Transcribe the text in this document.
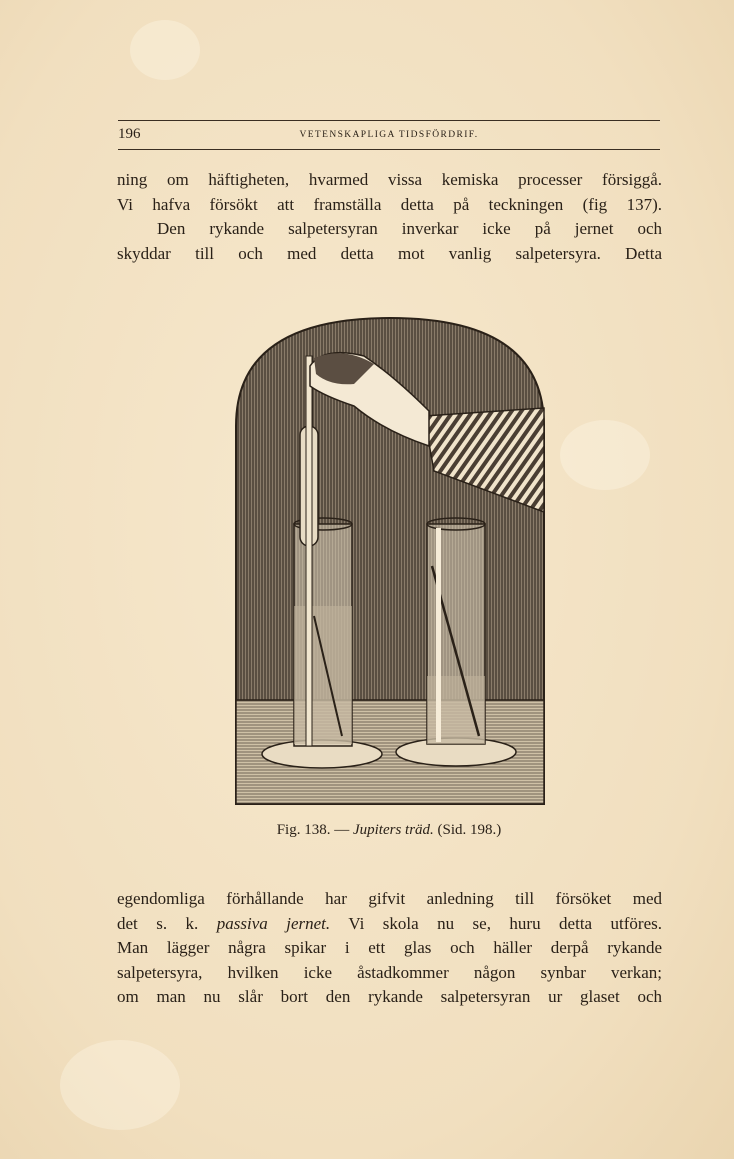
196	VETENSKAPLIGA TIDSFÖRDRIF.
ning om häftigheten, hvarmed vissa kemiska processer försiggå.
Vi hafva försökt att framställa detta på teckningen (fig 137).
Den rykande salpetersyran inverkar icke på jernet och
skyddar till och med detta mot vanlig salpetersyra. Detta
Fig. 138. — Jupiters träd. (Sid. 198.)
egendomliga förhållande har gifvit anledning till försöket med
det s. k. passiva jernet. Vi skola nu se, huru detta utföres.
Man lägger några spikar i ett glas och häller derpå rykande
salpetersyra, hvilken icke åstadkommer någon synbar verkan;
om man nu slår bort den rykande salpetersyran ur glaset och
